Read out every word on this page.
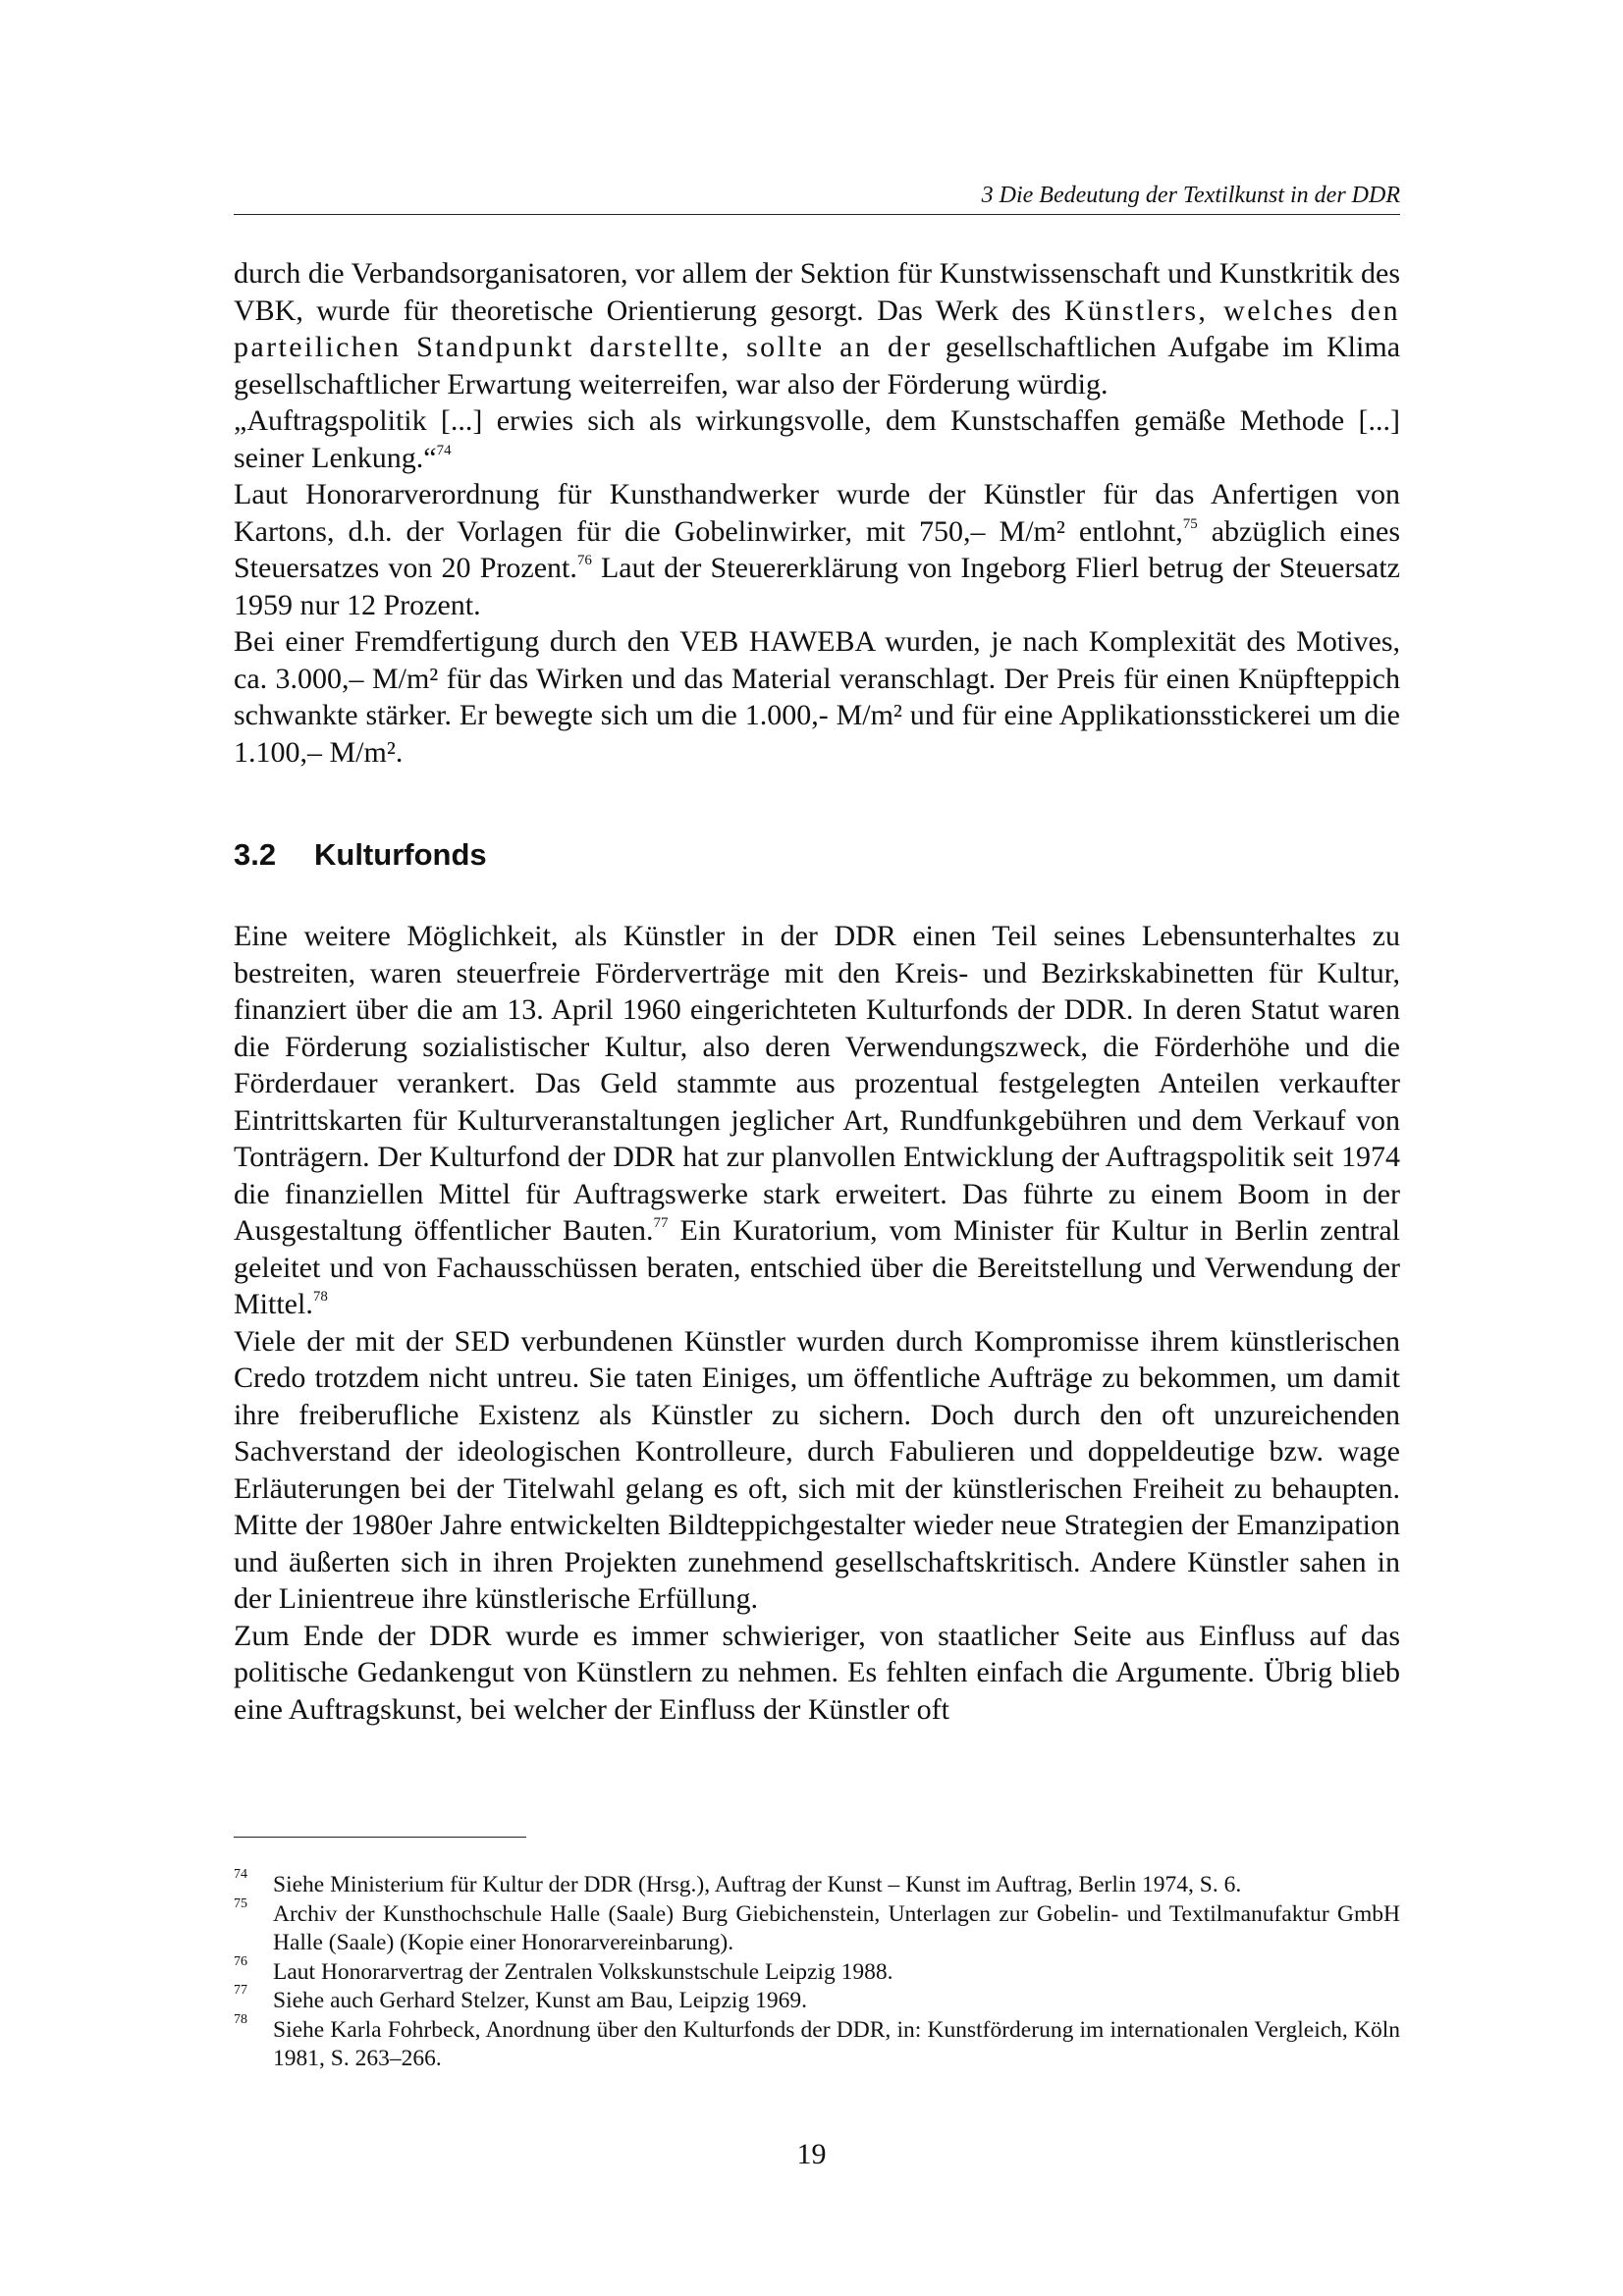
3 Die Bedeutung der Textilkunst in der DDR

durch die Verbandsorganisatoren, vor allem der Sektion für Kunstwissenschaft und Kunstkritik des VBK, wurde für theoretische Orientierung gesorgt. Das Werk des Künstlers, welches den parteilichen Standpunkt darstellte, sollte an der gesellschaftlichen Aufgabe im Klima gesellschaftlicher Erwartung weiterreifen, war also der Förderung würdig.

„Auftragspolitik [...] erwies sich als wirkungsvolle, dem Kunstschaffen gemäße Methode [...] seiner Lenkung.“$^{74}$

Laut Honorarverordnung für Kunsthandwerker wurde der Künstler für das Anfertigen von Kartons, d.h. der Vorlagen für die Gobelinwirker, mit 750,– M/m² entlohnt,$^{75}$ abzüglich eines Steuersatzes von 20 Prozent.$^{76}$ Laut der Steuererklärung von Ingeborg Flierl betrug der Steuersatz 1959 nur 12 Prozent.

Bei einer Fremdfertigung durch den VEB HAWEBA wurden, je nach Komplexität des Motives, ca. 3.000,– M/m² für das Wirken und das Material veranschlagt. Der Preis für einen Knüpfteppich schwankte stärker. Er bewegte sich um die 1.000,- M/m² und für eine Applikationsstickerei um die 1.100,– M/m².

3.2 Kulturfonds

Eine weitere Möglichkeit, als Künstler in der DDR einen Teil seines Lebensunterhaltes zu bestreiten, waren steuerfreie Förderverträge mit den Kreis- und Bezirkskabinetten für Kultur, finanziert über die am 13. April 1960 eingerichteten Kulturfonds der DDR. In deren Statut waren die Förderung sozialistischer Kultur, also deren Verwendungszweck, die Förderhöhe und die Förderdauer verankert. Das Geld stammte aus prozentual festgelegten Anteilen verkaufter Eintrittskarten für Kulturveranstaltungen jeglicher Art, Rundfunkgebühren und dem Verkauf von Tonträgern. Der Kulturfond der DDR hat zur planvollen Entwicklung der Auftragspolitik seit 1974 die finanziellen Mittel für Auftragswerke stark erweitert. Das führte zu einem Boom in der Ausgestaltung öffentlicher Bauten.$^{77}$ Ein Kuratorium, vom Minister für Kultur in Berlin zentral geleitet und von Fachausschüssen beraten, entschied über die Bereitstellung und Verwendung der Mittel.$^{78}$

Viele der mit der SED verbundenen Künstler wurden durch Kompromisse ihrem künstlerischen Credo trotzdem nicht untreu. Sie taten Einiges, um öffentliche Aufträge zu bekommen, um damit ihre freiberufliche Existenz als Künstler zu sichern. Doch durch den oft unzureichenden Sachverstand der ideologischen Kontrolleure, durch Fabulieren und doppeldeutige bzw. wage Erläuterungen bei der Titelwahl gelang es oft, sich mit der künstlerischen Freiheit zu behaupten. Mitte der 1980er Jahre entwickelten Bildteppichgestalter wieder neue Strategien der Emanzipation und äußerten sich in ihren Projekten zunehmend gesellschaftskritisch. Andere Künstler sahen in der Linientreue ihre künstlerische Erfüllung.

Zum Ende der DDR wurde es immer schwieriger, von staatlicher Seite aus Einfluss auf das politische Gedankengut von Künstlern zu nehmen. Es fehlten einfach die Argumente. Übrig blieb eine Auftragskunst, bei welcher der Einfluss der Künstler oft

74 Siehe Ministerium für Kultur der DDR (Hrsg.), Auftrag der Kunst – Kunst im Auftrag, Berlin 1974, S. 6.

75 Archiv der Kunsthochschule Halle (Saale) Burg Giebichenstein, Unterlagen zur Gobelin- und Textilmanufaktur GmbH Halle (Saale) (Kopie einer Honorarvereinbarung).

76 Laut Honorarvertrag der Zentralen Volkskunstschule Leipzig 1988.

77 Siehe auch Gerhard Stelzer, Kunst am Bau, Leipzig 1969.

78 Siehe Karla Fohrbeck, Anordnung über den Kulturfonds der DDR, in: Kunstförderung im internationalen Vergleich, Köln 1981, S. 263–266.

19
